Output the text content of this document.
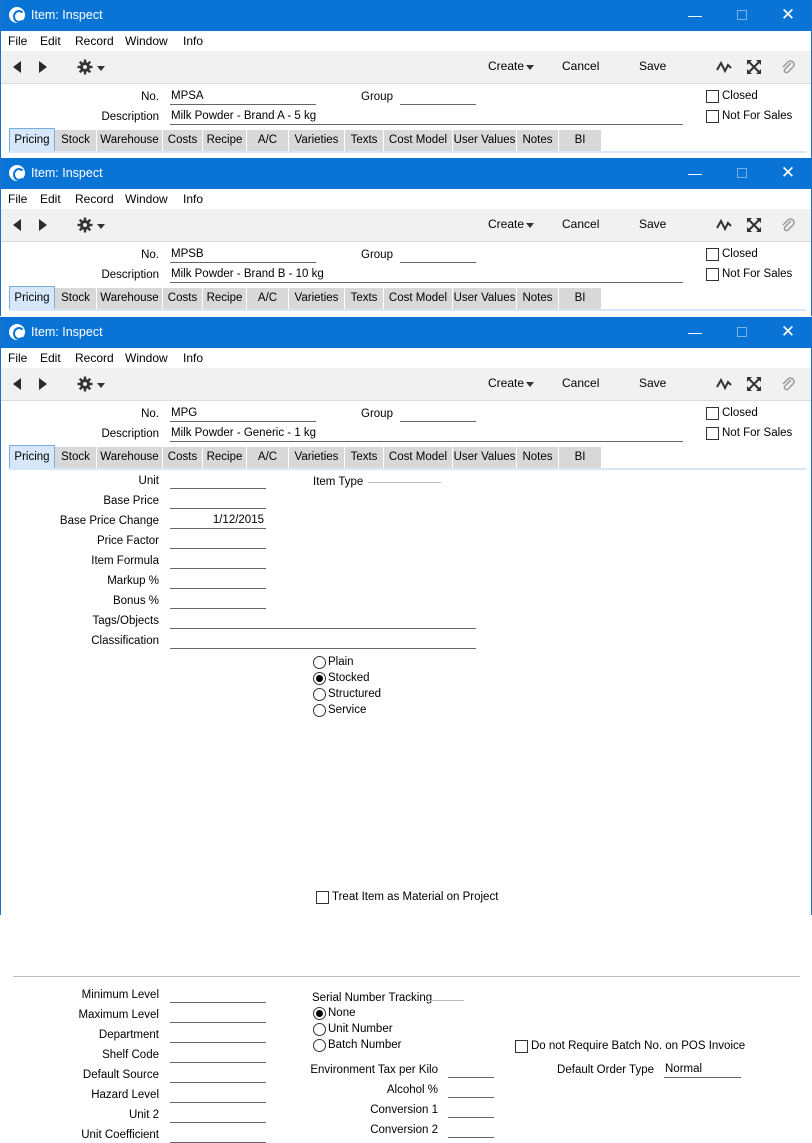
Item: Inspect	—	✕
File Edit Record Window Info
Create	Cancel	Save
No. MPSA	Group
Description Milk Powder - Brand A - 5 kg
Closed
Not For Sales
Pricing	Stock Warehouse Costs Recipe	A/C	Varieties	Texts Cost Model User Values Notes	BI
Item: Inspect	—	✕
File Edit Record Window Info
Create	Cancel	Save
No. MPSB	Group
Description Milk Powder - Brand B - 10 kg
Closed
Not For Sales
Pricing	Stock Warehouse Costs Recipe	A/C	Varieties	Texts Cost Model User Values Notes	BI
Item: Inspect	—	✕
File Edit Record Window Info
Create	Cancel	Save
No. MPG	Group
Description Milk Powder - Generic - 1 kg
Closed
Not For Sales
Pricing	Stock Warehouse Costs Recipe	A/C	Varieties	Texts Cost Model User Values Notes	BI
Unit
Base Price
Base Price Change	1/12/2015
Price Factor
Item Formula
Markup %
Bonus %
Tags/Objects
Classification
Item Type
Plain
Stocked
Structured
Service
Treat Item as Material on Project
Minimum Level
Maximum Level
Department
Shelf Code
Default Source
Hazard Level
Unit 2
Unit Coefficient
Serial Number Tracking
None
Unit Number
Batch Number	Do not Require Batch No. on POS Invoice
Environment Tax per Kilo
Alcohol %
Conversion 1
Conversion 2
Default Order Type Normal
